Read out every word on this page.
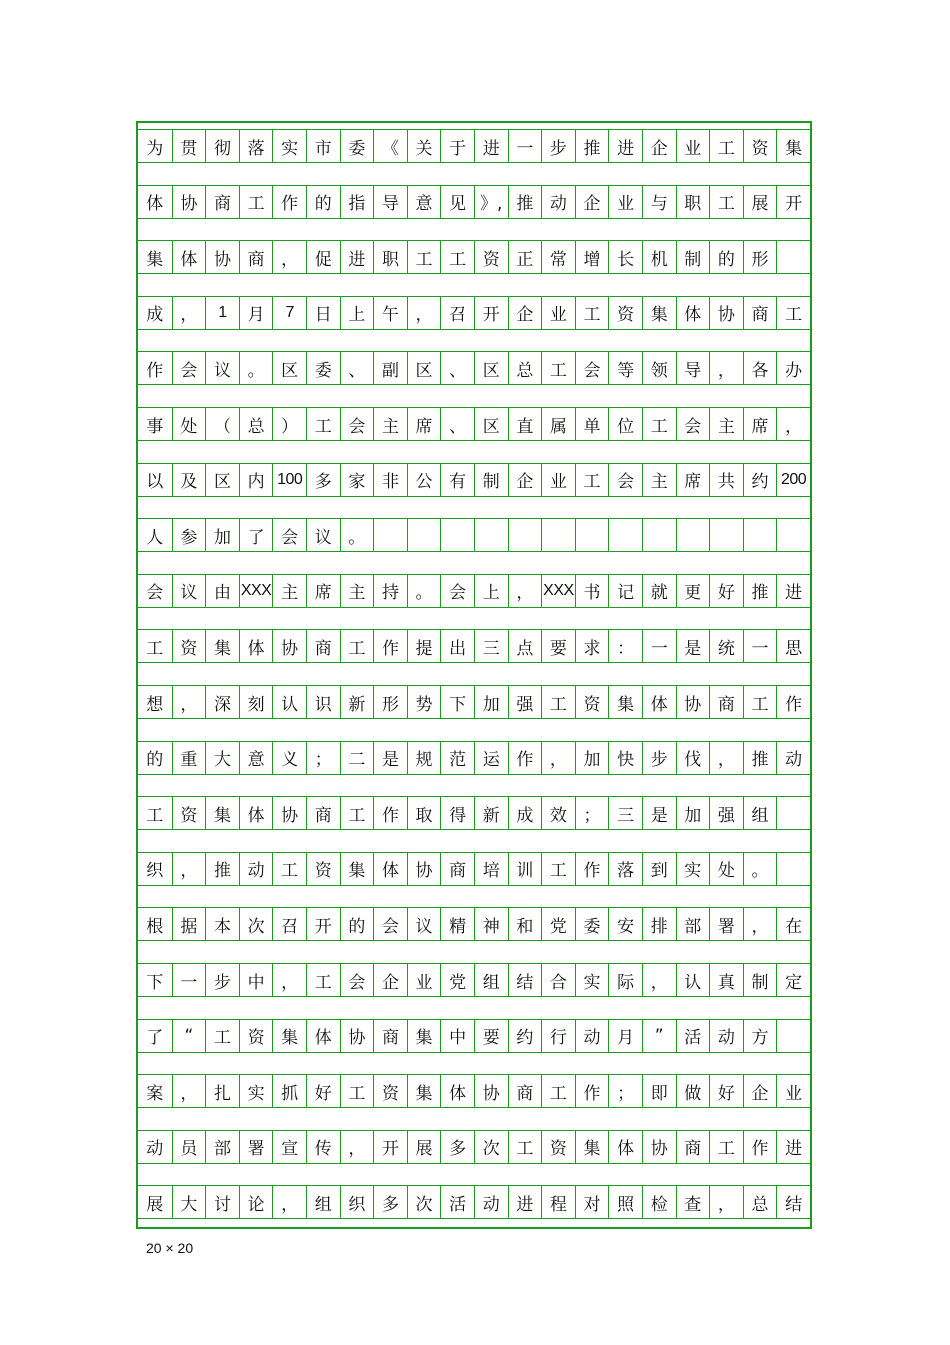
为	贯 彻 落 实 市 委 《 关 于 进 一 步 推 进 企 业 工 资 集
体	协 商 工 作 的 指 导 意 见 》, 推 动 企 业 与 职 工 展 开
集	体 协 商 ， 促 进 职 工 工 资 正 常 增 长 机 制 的 形
成	，	1	月	7	日 上 午 ， 召 开 企 业 工 资 集 体 协 商 工
作	会 议 。 区 委 、 副 区 、 区 总 工 会 等 领 导 ， 各 办
事	处 （ 总 ） 工 会 主 席 、 区 直 属 单 位 工 会 主 席 ，
以	及 区 内 100 多 家 非 公 有 制 企 业 工 会 主 席 共 约 200
人	参 加 了 会 议 。
会	议 由 XXX 主 席 主 持 。 会 上 ， XXX 书 记 就 更 好 推 进
工	资 集 体 协 商 工 作 提 出 三 点 要 求 ： 一 是 统 一 思
想	， 深 刻 认 识 新 形 势 下 加 强 工 资 集 体 协 商 工 作
的	重 大 意 义 ； 二 是 规 范 运 作 ， 加 快 步 伐 ， 推 动
工	资 集 体 协 商 工 作 取 得 新 成 效 ； 三 是 加 强 组
织	， 推 动 工 资 集 体 协 商 培 训 工 作 落 到 实 处 。
根	据 本 次 召 开 的 会 议 精 神 和 党 委 安 排 部 署 ， 在
下	一 步 中 ， 工 会 企 业 党 组 结 合 实 际 ， 认 真 制 定
了	“	工 资 集 体 协 商 集 中 要 约 行 动 月	”	活 动 方
案	， 扎 实 抓 好 工 资 集 体 协 商 工 作 ； 即 做 好 企 业
动	员 部 署 宣 传 ， 开 展 多 次 工 资 集 体 协 商 工 作 进
展	大 讨 论 ， 组 织 多 次 活 动 进 程 对 照 检 查 ， 总 结
20 × 20
